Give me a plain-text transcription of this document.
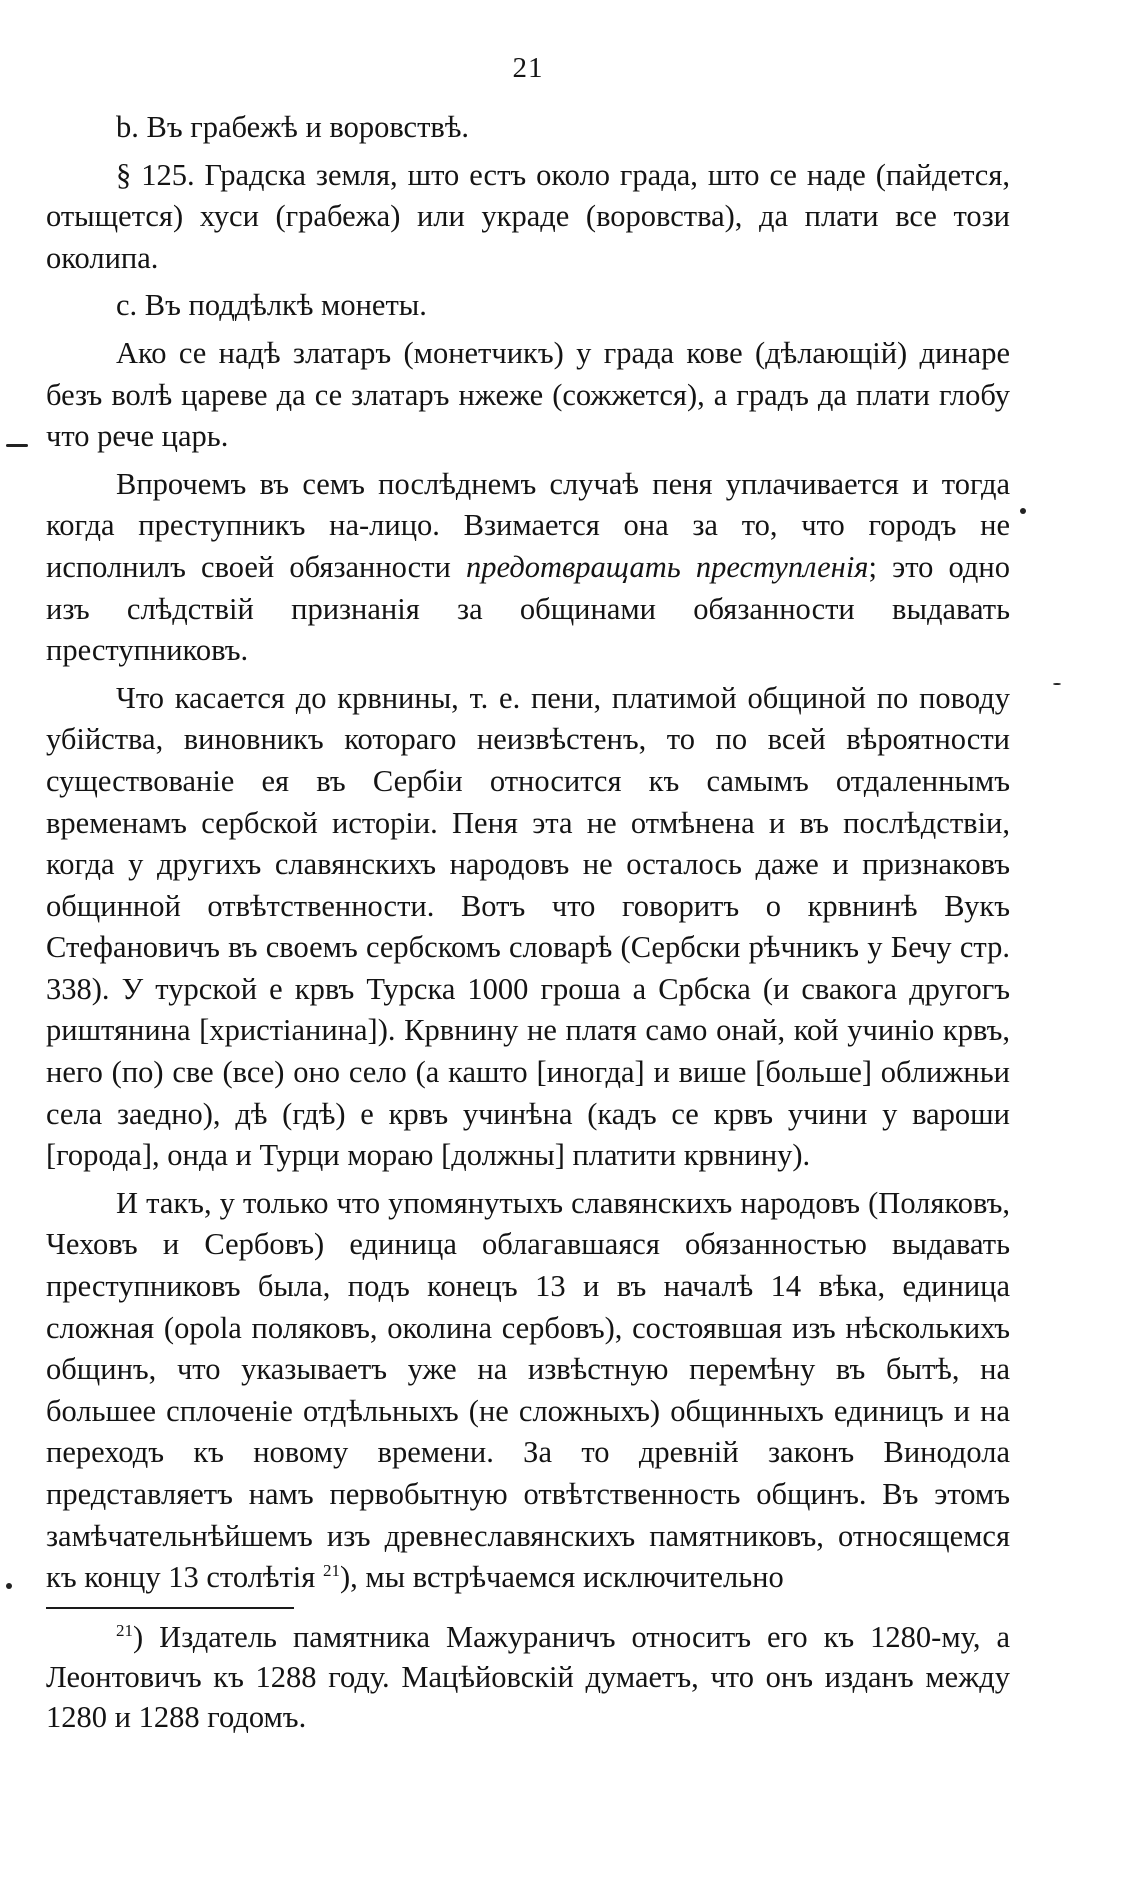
21

b. Въ грабежѣ и воровствѣ.

§ 125. Градска земля, што естъ около града, што се наде (пайдется, отыщется) хуси (грабежа) или украде (воровства), да плати все този околипа.

c. Въ поддѣлкѣ монеты.

Ако се надѣ златаръ (монетчикъ) у града кове (дѣлающій) динаре безъ волѣ цареве да се златаръ нжеже (сожжется), а градъ да плати глобу что рече царь.

Впрочемъ въ семъ послѣднемъ случаѣ пеня уплачивается и тогда когда преступникъ на-лицо. Взимается она за то, что городъ не исполнилъ своей обязанности предотвращать преступленія; это одно изъ слѣдствій признанія за общинами обязанности выдавать преступниковъ.

Что касается до крвнины, т. е. пени, платимой общиной по поводу убійства, виновникъ котораго неизвѣстенъ, то по всей вѣроятности существованіе ея въ Сербіи относится къ самымъ отдаленнымъ временамъ сербской исторіи. Пеня эта не отмѣнена и въ послѣдствіи, когда у другихъ славянскихъ народовъ не осталось даже и признаковъ общинной отвѣтственности. Вотъ что говоритъ о крвнинѣ Вукъ Стефановичъ въ своемъ сербскомъ словарѣ (Сербски рѣчникъ у Бечу стр. 338). У турской е крвъ Турска 1000 гроша а Србска (и свакога другогъ риштянина [христіанина]). Крвнину не платя само онай, кой учиніо крвъ, него (по) све (все) оно село (а кашто [иногда] и више [больше] оближньи села заедно), дѣ (гдѣ) е крвъ учинѣна (кадъ се крвъ учини у вароши [города], онда и Турци мораю [должны] платити крвнину).

И такъ, у только что упомянутыхъ славянскихъ народовъ (Поляковъ, Чеховъ и Сербовъ) единица облагавшаяся обязанностью выдавать преступниковъ была, подъ конецъ 13 и въ началѣ 14 вѣка, единица сложная (opola поляковъ, околина сербовъ), состоявшая изъ нѣсколькихъ общинъ, что указываетъ уже на извѣстную перемѣну въ бытѣ, на большее сплоченіе отдѣльныхъ (не сложныхъ) общинныхъ единицъ и на переходъ къ новому времени. За то древній законъ Винодола представляетъ намъ первобытную отвѣтственность общинъ. Въ этомъ замѣчательнѣйшемъ изъ древнеславянскихъ памятниковъ, относящемся къ концу 13 столѣтія $^{21}$), мы встрѣчаемся исключительно

$^{21}$) Издатель памятника Мажураничъ относитъ его къ 1280-му, а Леонтовичъ къ 1288 году. Мацѣйовскій думаетъ, что онъ изданъ между 1280 и 1288 годомъ.
